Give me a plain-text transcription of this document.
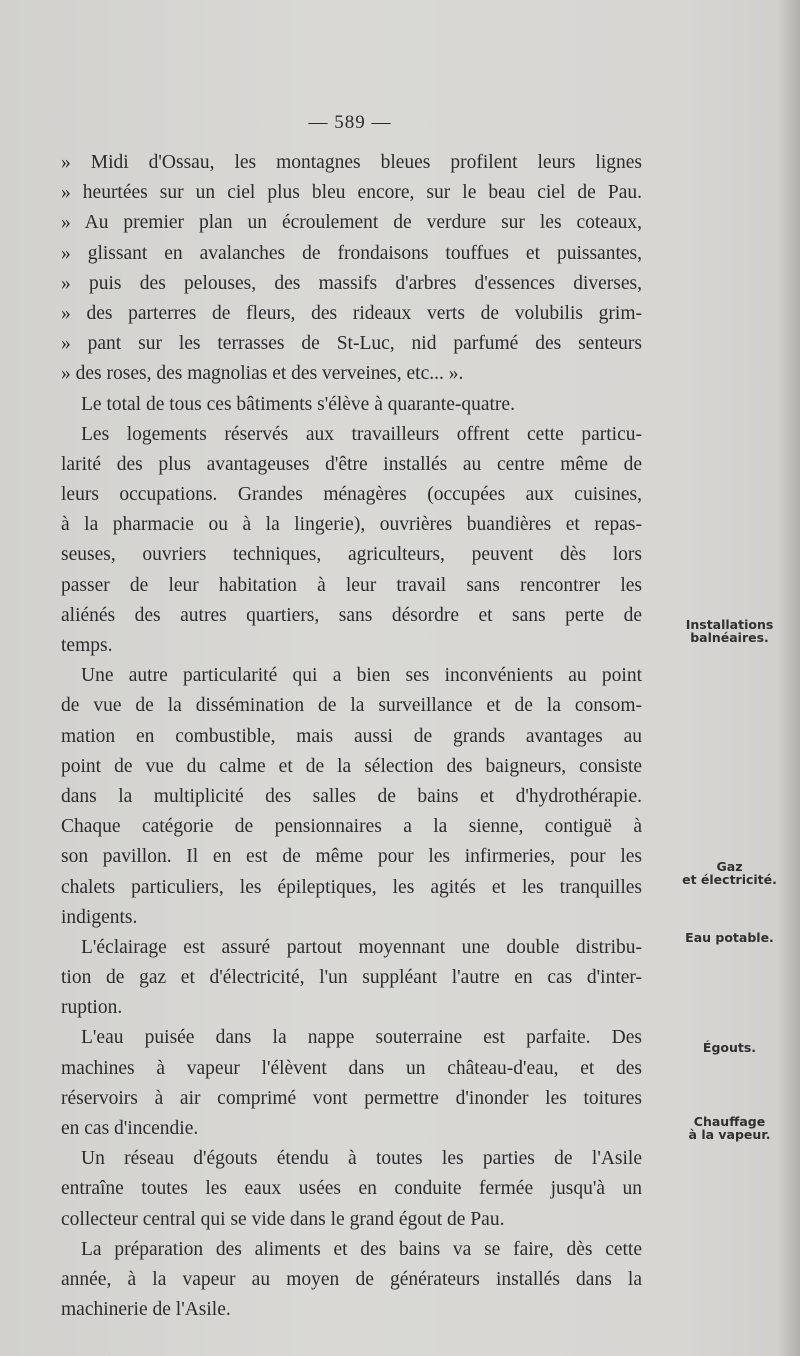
— 589 —
» Midi d'Ossau, les montagnes bleues profilent leurs lignes
» heurtées sur un ciel plus bleu encore, sur le beau ciel de Pau.
» Au premier plan un écroulement de verdure sur les coteaux,
» glissant en avalanches de frondaisons touffues et puissantes,
» puis des pelouses, des massifs d'arbres d'essences diverses,
» des parterres de fleurs, des rideaux verts de volubilis grim-
» pant sur les terrasses de St-Luc, nid parfumé des senteurs
» des roses, des magnolias et des verveines, etc... ».
Le total de tous ces bâtiments s'élève à quarante-quatre.
Les logements réservés aux travailleurs offrent cette particu-
larité des plus avantageuses d'être installés au centre même de
leurs occupations. Grandes ménagères (occupées aux cuisines,
à la pharmacie ou à la lingerie), ouvrières buandières et repas-
seuses, ouvriers techniques, agriculteurs, peuvent dès lors
passer de leur habitation à leur travail sans rencontrer les
aliénés des autres quartiers, sans désordre et sans perte de
temps.
Une autre particularité qui a bien ses inconvénients au point
de vue de la dissémination de la surveillance et de la consom-
mation en combustible, mais aussi de grands avantages au
point de vue du calme et de la sélection des baigneurs, consiste
dans la multiplicité des salles de bains et d'hydrothérapie.
Chaque catégorie de pensionnaires a la sienne, contiguë à
son pavillon. Il en est de même pour les infirmeries, pour les
chalets particuliers, les épileptiques, les agités et les tranquilles
indigents.
L'éclairage est assuré partout moyennant une double distribu-
tion de gaz et d'électricité, l'un suppléant l'autre en cas d'inter-
ruption.
L'eau puisée dans la nappe souterraine est parfaite. Des
machines à vapeur l'élèvent dans un château-d'eau, et des
réservoirs à air comprimé vont permettre d'inonder les toitures
en cas d'incendie.
Un réseau d'égouts étendu à toutes les parties de l'Asile
entraîne toutes les eaux usées en conduite fermée jusqu'à un
collecteur central qui se vide dans le grand égout de Pau.
La préparation des aliments et des bains va se faire, dès cette
année, à la vapeur au moyen de générateurs installés dans la
machinerie de l'Asile.
Installations
balnéaires.
Gaz
et électricité.
Eau potable.
Égouts.
Chauffage
à la vapeur.
